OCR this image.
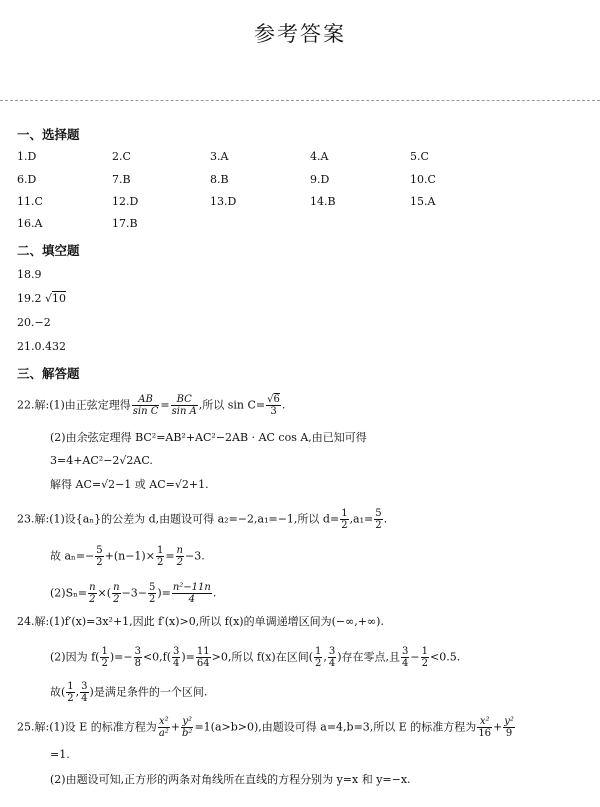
参考答案
一、选择题
1.D	2.C	3.A	4.A	5.C
6.D	7.B	8.B	9.D	10.C
11.C	12.D	13.D	14.B	15.A
16.A	17.B
二、填空题
18.9
19.2 √10
20.−2
21.0.432
三、解答题
22.解:(1)由正弦定理得 $\frac{AB}{\text{sin C}} = \frac{BC}{\text{sin A}}$ ,所以 $\sin C= \frac{√6}{3}$ .
(2)由余弦定理得 BC²=AB²+AC²−2AB · AC cos A,由已知可得
3=4+AC²−2√2AC.
解得 AC=√2−1 或 AC=√2+1.
23.解:(1)设{aₙ}的公差为 d,由题设可得 a₂=−2,a₁=−1,所以 $d= \frac{1}{2} ,a_1= \frac{5}{2}$ .
故 $a_n=- \frac{5}{2} +(n-1)\times \frac{1}{2} = \frac{n}{2} -3$.
$(2)S_n= \frac{n}{2}$ ×( $\frac{n}{2} -3- \frac{5}{2}$ )= $\frac{\text{n²−11n}}{4}$ .
24.解:(1)f′(x)=3x²+1,因此 f′(x)>0,所以 f(x)的单调递增区间为(−∞,+∞).
(2)因为 $f( \frac{1}{2}$ )=− $\frac{3}{8} <0,f( \frac{3}{4}$ )= $\frac{11}{64} >0$,所以 f(x)在区间( $\frac{1}{2}$ , $\frac{3}{4}$ )存在零点,且 $\frac{3}{4} - \frac{1}{2} <0.5$.
故( $\frac{1}{2}$ , $\frac{3}{4}$ )是满足条件的一个区间.
25.解:(1)设 E 的标准方程为 $\frac{\text{x²}}{\text{a²}} + \frac{\text{y²}}{\text{b²}} =1(a>b>0)$,由题设可得 a=4,b=3,所以 E 的标准方程为 $\frac{\text{x²}}{16} + \frac{\text{y²}}{9}$
=1.
(2)由题设可知,正方形的两条对角线所在直线的方程分别为 y=x 和 y=−x.
